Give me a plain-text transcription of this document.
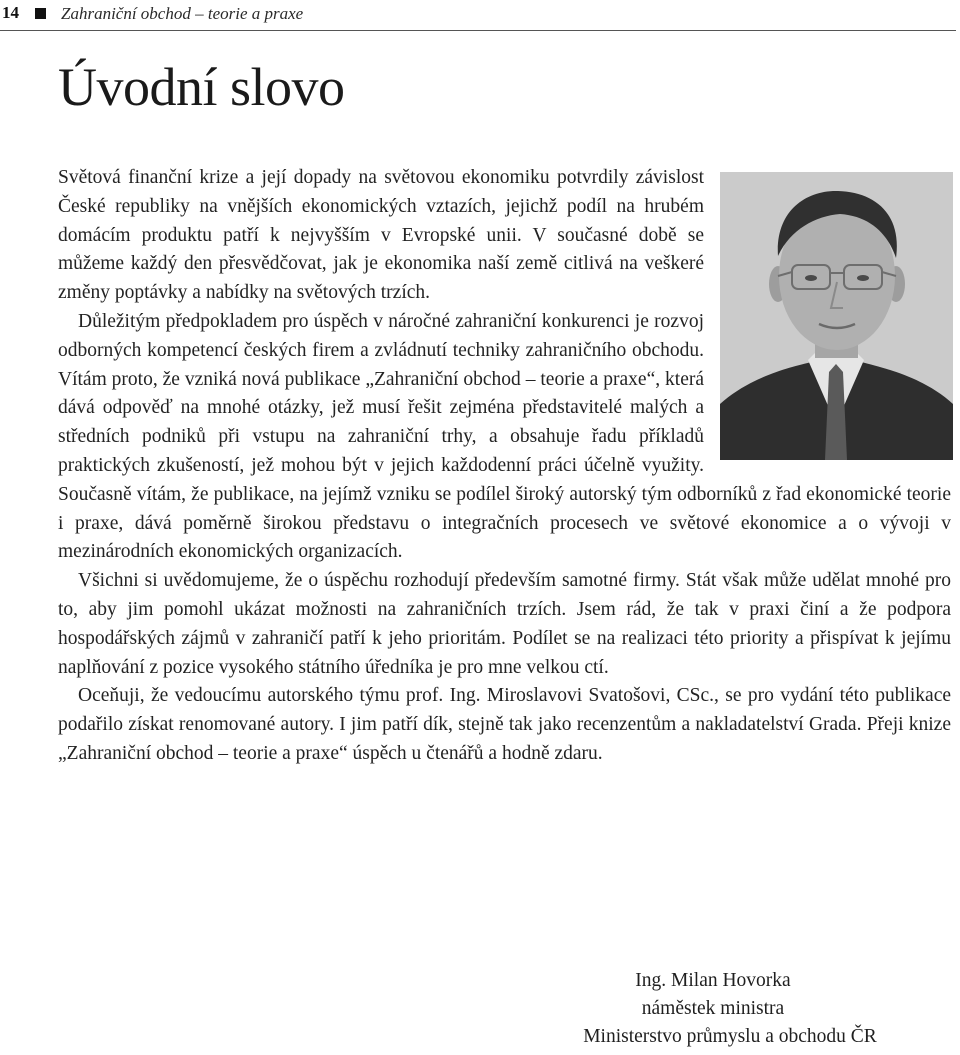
14 Zahraniční obchod – teorie a praxe
Úvodní slovo

Světová finanční krize a její dopady na světovou ekonomiku potvrdily závislost České republiky na vnějších ekonomických vztazích, jejichž podíl na hrubém domácím produktu patří k nejvyšším v Evropské unii. V současné době se můžeme každý den přesvědčovat, jak je ekonomika naší země citlivá na veškeré změny poptávky a nabídky na světových trzích.

Důležitým předpokladem pro úspěch v náročné zahraniční konkurenci je rozvoj odborných kompetencí českých firem a zvládnutí techniky zahraničního obchodu. Vítám proto, že vzniká nová publikace „Zahraniční obchod – teorie a praxe“, která dává odpověď na mnohé otázky, jež musí řešit zejména představitelé malých a středních podniků při vstupu na zahraniční trhy, a obsahuje řadu příkladů praktických zkušeností, jež mohou být v jejich každodenní práci účelně využity. Současně vítám, že publikace, na jejímž vzniku se podílel široký autorský tým odborníků z řad ekonomické teorie i praxe, dává poměrně širokou představu o integračních procesech ve světové ekonomice a o vývoji v mezinárodních ekonomických organizacích.

Všichni si uvědomujeme, že o úspěchu rozhodují především samotné firmy. Stát však může udělat mnohé pro to, aby jim pomohl ukázat možnosti na zahraničních trzích. Jsem rád, že tak v praxi činí a že podpora hospodářských zájmů v zahraničí patří k jeho prioritám. Podílet se na realizaci této priority a přispívat k jejímu naplňování z pozice vysokého státního úředníka je pro mne velkou ctí.

Oceňuji, že vedoucímu autorského týmu prof. Ing. Miroslavovi Svatošovi, CSc., se pro vydání této publikace podařilo získat renomované autory. I jim patří dík, stejně tak jako recenzentům a nakladatelství Grada. Přeji knize „Zahraniční obchod – teorie a praxe“ úspěch u čtenářů a hodně zdaru.

Ing. Milan Hovorka
náměstek ministra
Ministerstvo průmyslu a obchodu ČR
